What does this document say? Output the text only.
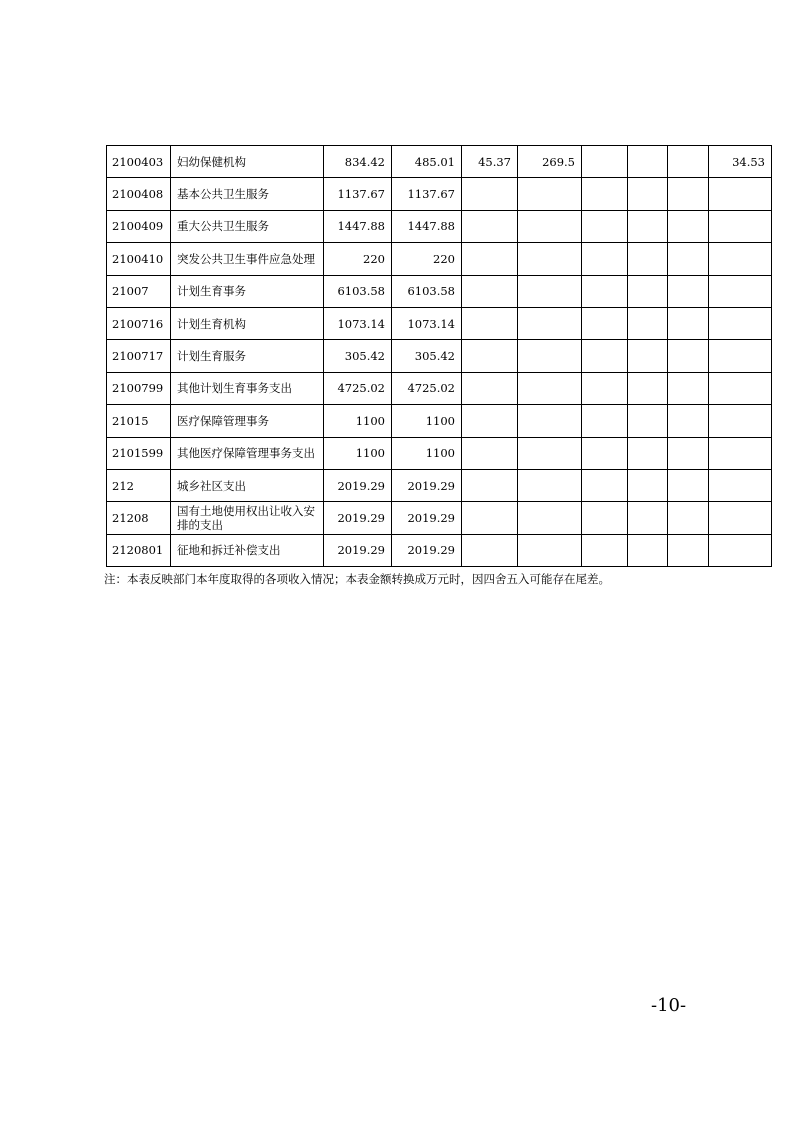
2100403	妇幼保健机构	834.42	485.01	45.37	269.5				34.53
2100408	基本公共卫生服务	1137.67	1137.67						
2100409	重大公共卫生服务	1447.88	1447.88						
2100410	突发公共卫生事件应急处理	220	220						
21007	计划生育事务	6103.58	6103.58						
2100716	计划生育机构	1073.14	1073.14						
2100717	计划生育服务	305.42	305.42						
2100799	其他计划生育事务支出	4725.02	4725.02						
21015	医疗保障管理事务	1100	1100						
2101599	其他医疗保障管理事务支出	1100	1100						
212	城乡社区支出	2019.29	2019.29						
21208	国有土地使用权出让收入安排的支出	2019.29	2019.29						
2120801	征地和拆迁补偿支出	2019.29	2019.29						
注：本表反映部门本年度取得的各项收入情况；本表金额转换成万元时，因四舍五入可能存在尾差。
-10-
